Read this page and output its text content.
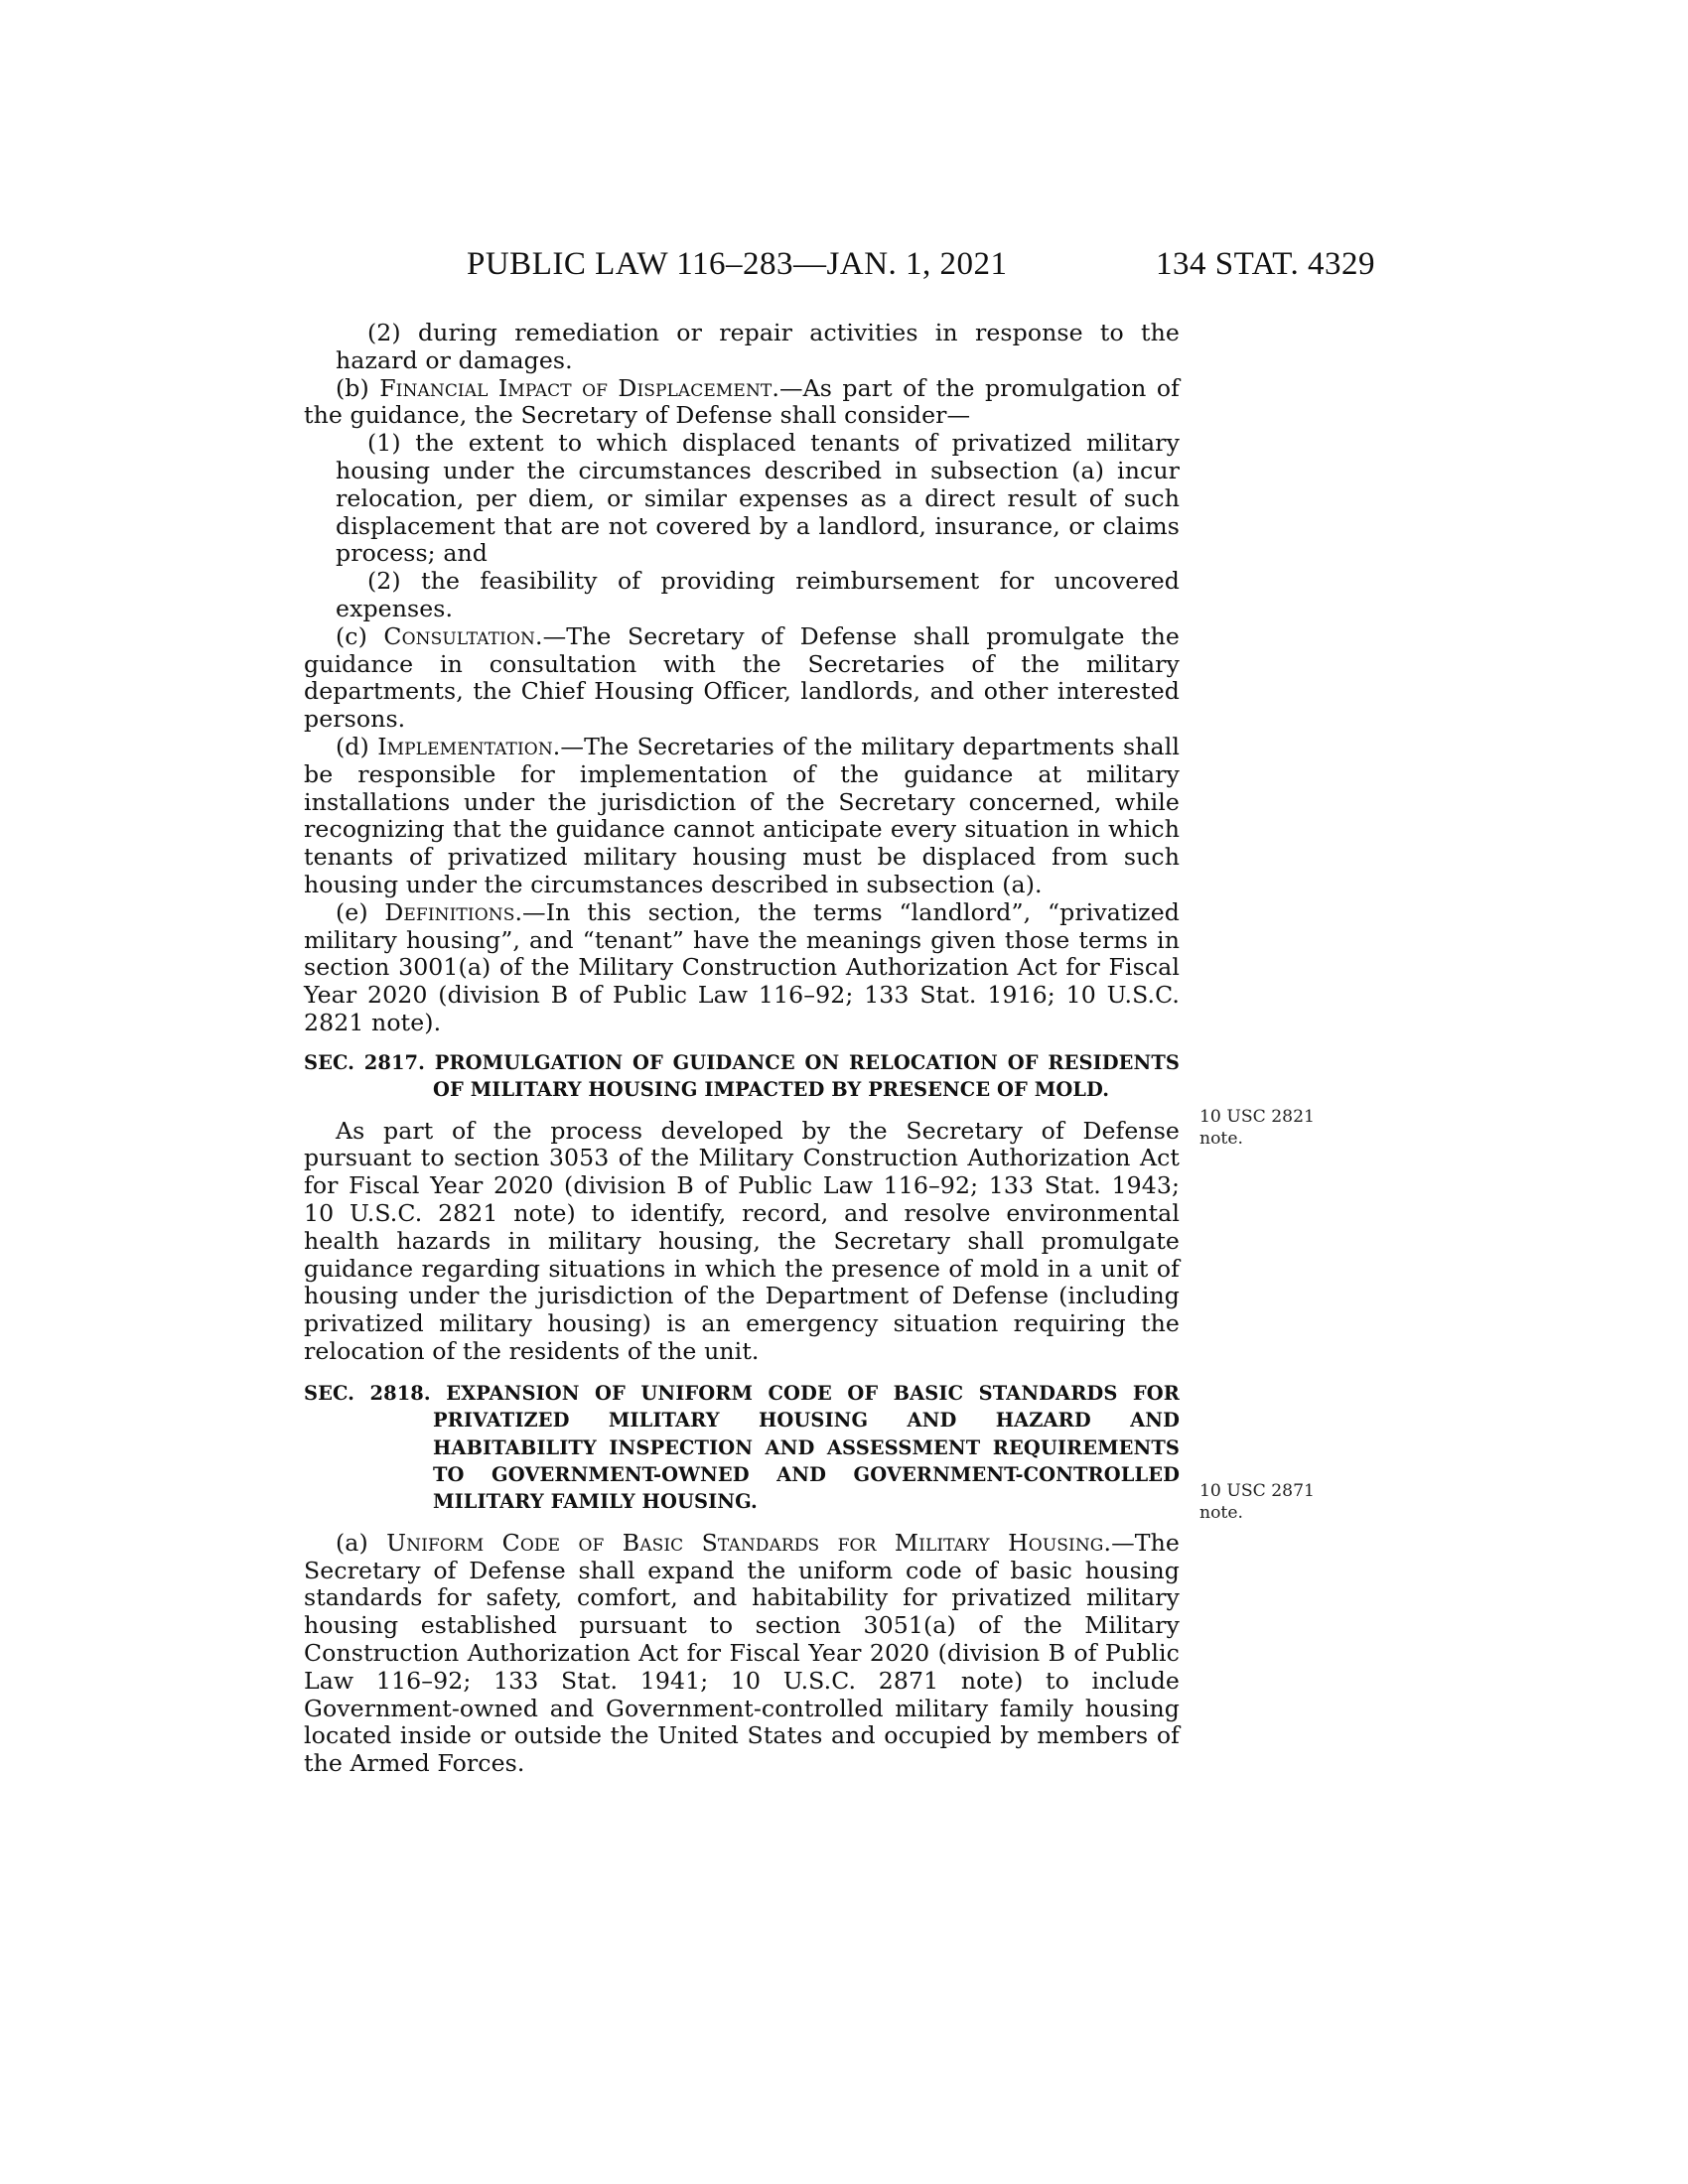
PUBLIC LAW 116–283—JAN. 1, 2021	134 STAT. 4329

(2) during remediation or repair activities in response to the hazard or damages.

(b) Financial Impact of Displacement.—As part of the promulgation of the guidance, the Secretary of Defense shall consider—

(1) the extent to which displaced tenants of privatized military housing under the circumstances described in subsection (a) incur relocation, per diem, or similar expenses as a direct result of such displacement that are not covered by a landlord, insurance, or claims process; and

(2) the feasibility of providing reimbursement for uncovered expenses.

(c) Consultation.—The Secretary of Defense shall promulgate the guidance in consultation with the Secretaries of the military departments, the Chief Housing Officer, landlords, and other interested persons.

(d) Implementation.—The Secretaries of the military departments shall be responsible for implementation of the guidance at military installations under the jurisdiction of the Secretary concerned, while recognizing that the guidance cannot anticipate every situation in which tenants of privatized military housing must be displaced from such housing under the circumstances described in subsection (a).

(e) Definitions.—In this section, the terms “landlord”, “privatized military housing”, and “tenant” have the meanings given those terms in section 3001(a) of the Military Construction Authorization Act for Fiscal Year 2020 (division B of Public Law 116–92; 133 Stat. 1916; 10 U.S.C. 2821 note).

SEC. 2817. PROMULGATION OF GUIDANCE ON RELOCATION OF RESIDENTS OF MILITARY HOUSING IMPACTED BY PRESENCE OF MOLD.

As part of the process developed by the Secretary of Defense pursuant to section 3053 of the Military Construction Authorization Act for Fiscal Year 2020 (division B of Public Law 116–92; 133 Stat. 1943; 10 U.S.C. 2821 note) to identify, record, and resolve environmental health hazards in military housing, the Secretary shall promulgate guidance regarding situations in which the presence of mold in a unit of housing under the jurisdiction of the Department of Defense (including privatized military housing) is an emergency situation requiring the relocation of the residents of the unit.

SEC. 2818. EXPANSION OF UNIFORM CODE OF BASIC STANDARDS FOR PRIVATIZED MILITARY HOUSING AND HAZARD AND HABITABILITY INSPECTION AND ASSESSMENT REQUIREMENTS TO GOVERNMENT-OWNED AND GOVERNMENT-CONTROLLED MILITARY FAMILY HOUSING.

(a) Uniform Code of Basic Standards for Military Housing.—The Secretary of Defense shall expand the uniform code of basic housing standards for safety, comfort, and habitability for privatized military housing established pursuant to section 3051(a) of the Military Construction Authorization Act for Fiscal Year 2020 (division B of Public Law 116–92; 133 Stat. 1941; 10 U.S.C. 2871 note) to include Government-owned and Government-controlled military family housing located inside or outside the United States and occupied by members of the Armed Forces.

10 USC 2821
note.
10 USC 2871
note.
